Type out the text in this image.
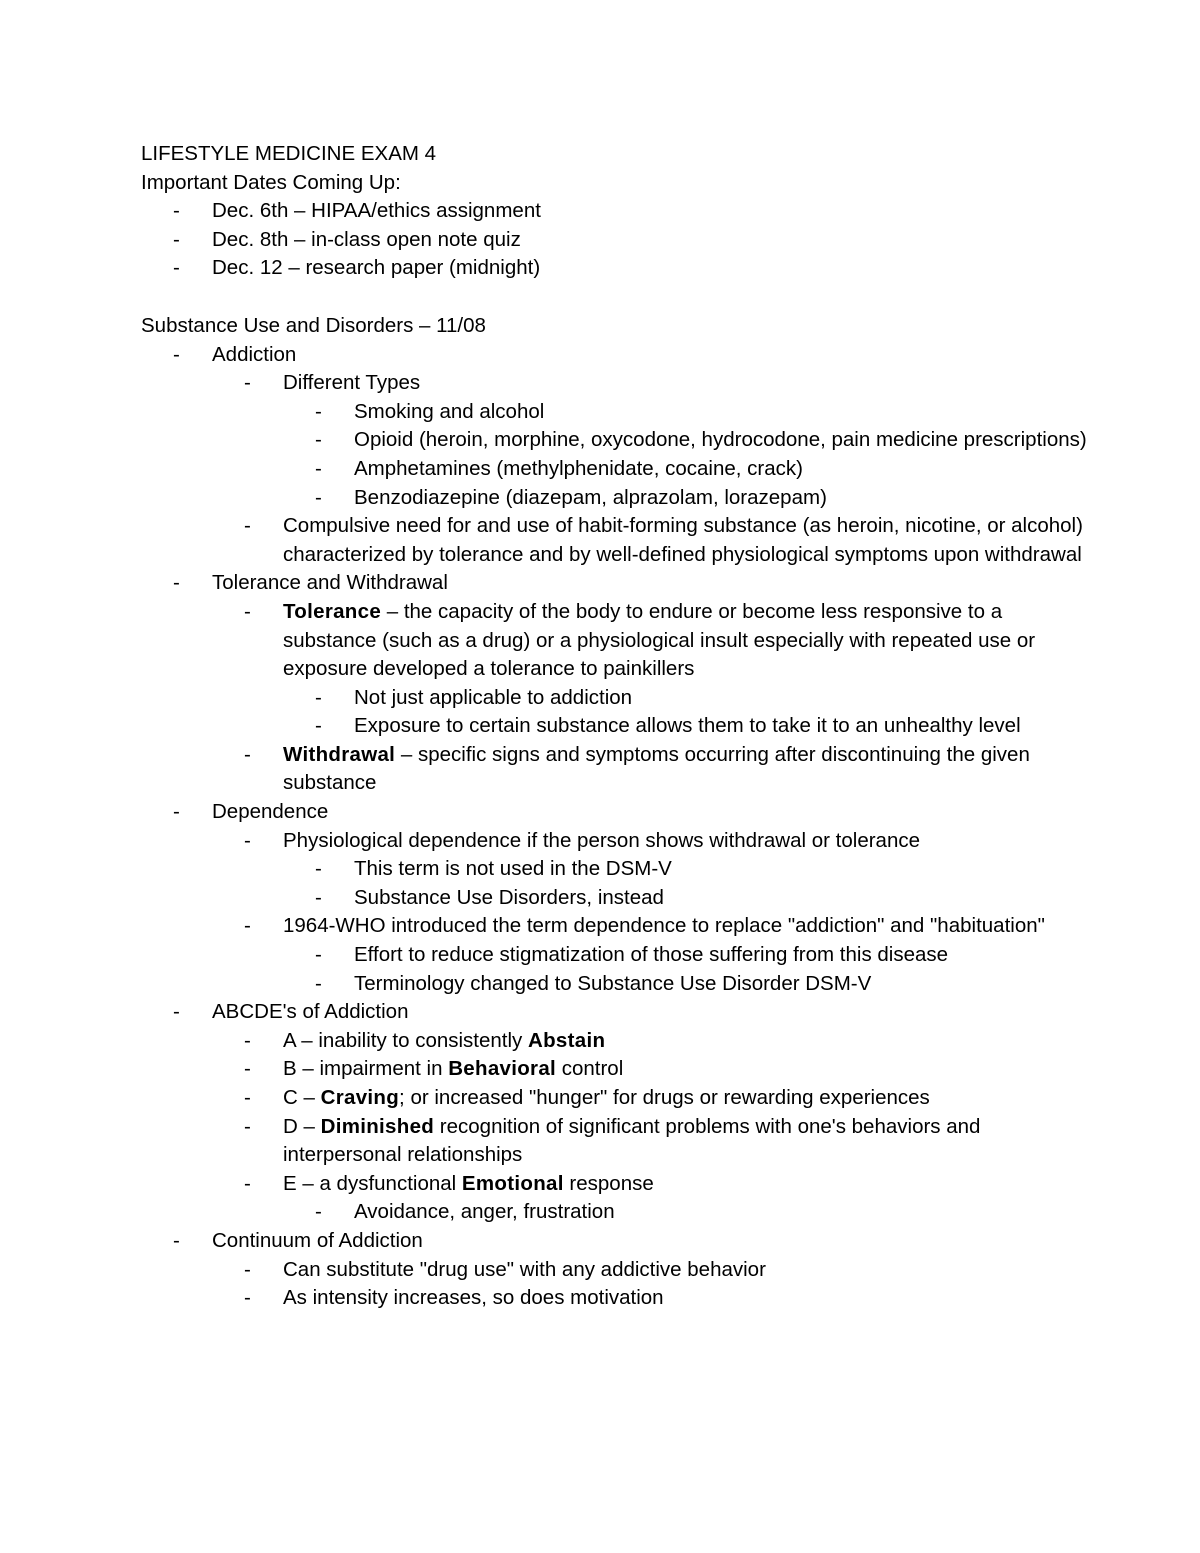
LIFESTYLE MEDICINE EXAM 4
Important Dates Coming Up:
- Dec. 6th – HIPAA/ethics assignment
- Dec. 8th – in-class open note quiz
- Dec. 12 – research paper (midnight)
Substance Use and Disorders – 11/08
- Addiction
- Different Types
- Smoking and alcohol
- Opioid (heroin, morphine, oxycodone, hydrocodone, pain medicine prescriptions)
- Amphetamines (methylphenidate, cocaine, crack)
- Benzodiazepine (diazepam, alprazolam, lorazepam)
- Compulsive need for and use of habit-forming substance (as heroin, nicotine, or alcohol) characterized by tolerance and by well-defined physiological symptoms upon withdrawal
- Tolerance and Withdrawal
- Tolerance – the capacity of the body to endure or become less responsive to a substance (such as a drug) or a physiological insult especially with repeated use or exposure developed a tolerance to painkillers
- Not just applicable to addiction
- Exposure to certain substance allows them to take it to an unhealthy level
- Withdrawal – specific signs and symptoms occurring after discontinuing the given substance
- Dependence
- Physiological dependence if the person shows withdrawal or tolerance
- This term is not used in the DSM-V
- Substance Use Disorders, instead
- 1964-WHO introduced the term dependence to replace "addiction" and "habituation"
- Effort to reduce stigmatization of those suffering from this disease
- Terminology changed to Substance Use Disorder DSM-V
- ABCDE's of Addiction
- A – inability to consistently Abstain
- B – impairment in Behavioral control
- C – Craving; or increased "hunger" for drugs or rewarding experiences
- D – Diminished recognition of significant problems with one's behaviors and interpersonal relationships
- E – a dysfunctional Emotional response
- Avoidance, anger, frustration
- Continuum of Addiction
- Can substitute "drug use" with any addictive behavior
- As intensity increases, so does motivation
